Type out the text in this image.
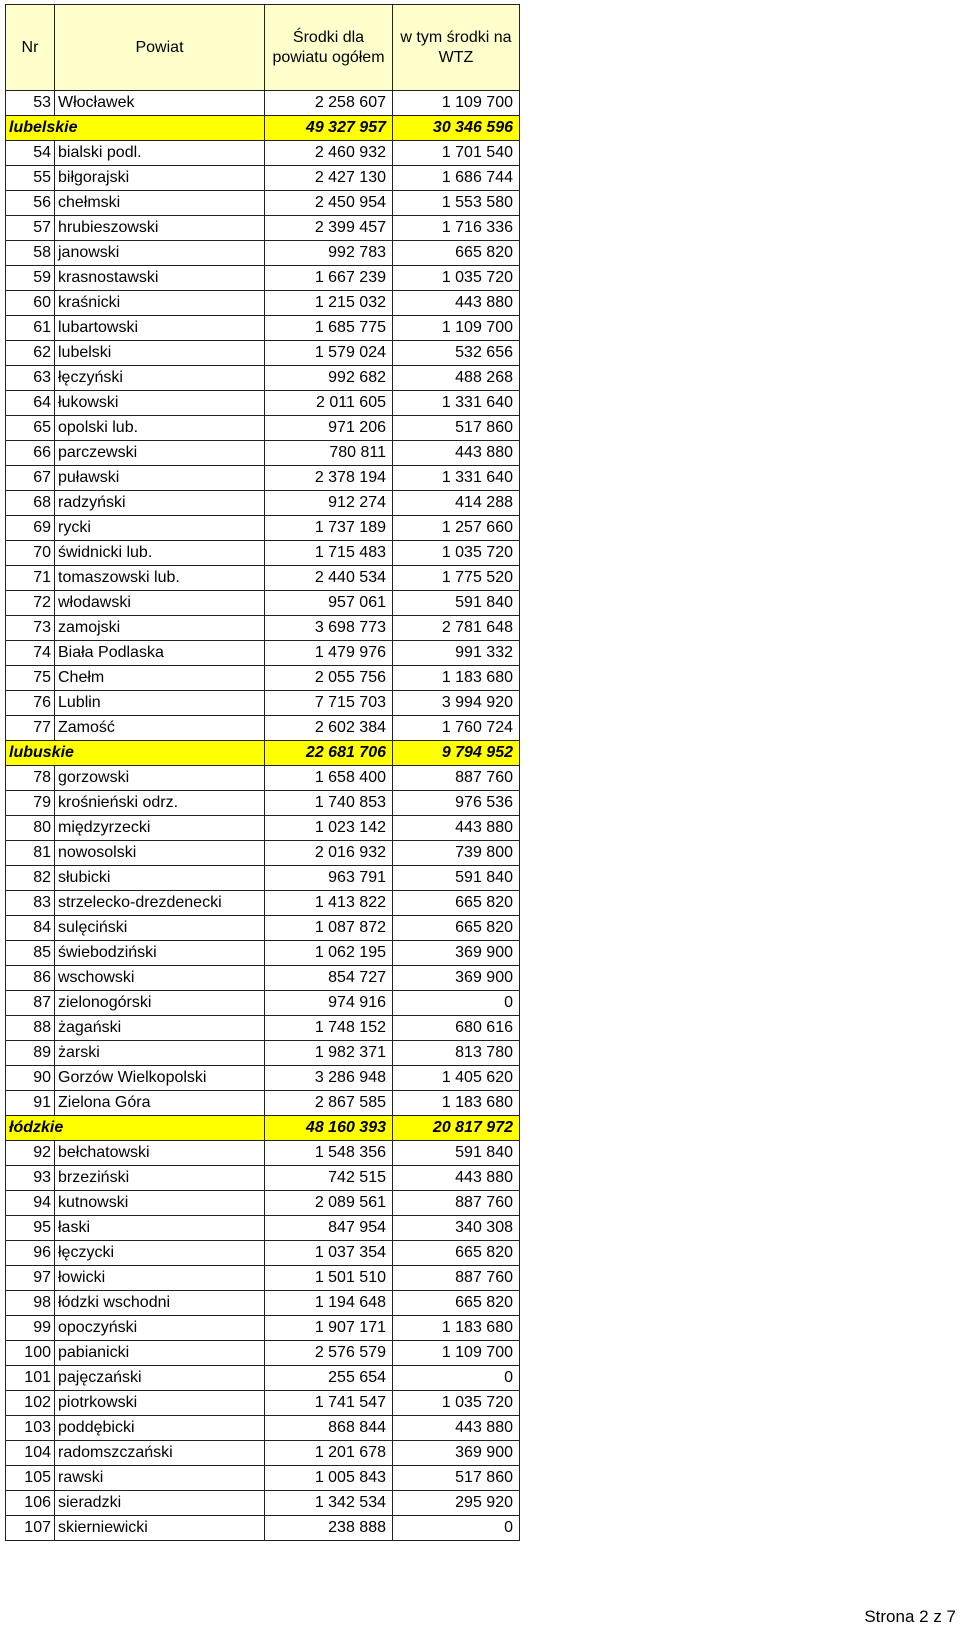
Nr	Powiat	Środki dla powiatu ogółem	w tym środki na WTZ
53	Włocławek	2 258 607	1 109 700
lubelskie		49 327 957	30 346 596
54	bialski podl.	2 460 932	1 701 540
55	biłgorajski	2 427 130	1 686 744
56	chełmski	2 450 954	1 553 580
57	hrubieszowski	2 399 457	1 716 336
58	janowski	992 783	665 820
59	krasnostawski	1 667 239	1 035 720
60	kraśnicki	1 215 032	443 880
61	lubartowski	1 685 775	1 109 700
62	lubelski	1 579 024	532 656
63	łęczyński	992 682	488 268
64	łukowski	2 011 605	1 331 640
65	opolski lub.	971 206	517 860
66	parczewski	780 811	443 880
67	puławski	2 378 194	1 331 640
68	radzyński	912 274	414 288
69	rycki	1 737 189	1 257 660
70	świdnicki lub.	1 715 483	1 035 720
71	tomaszowski lub.	2 440 534	1 775 520
72	włodawski	957 061	591 840
73	zamojski	3 698 773	2 781 648
74	Biała Podlaska	1 479 976	991 332
75	Chełm	2 055 756	1 183 680
76	Lublin	7 715 703	3 994 920
77	Zamość	2 602 384	1 760 724
lubuskie		22 681 706	9 794 952
78	gorzowski	1 658 400	887 760
79	krośnieński odrz.	1 740 853	976 536
80	międzyrzecki	1 023 142	443 880
81	nowosolski	2 016 932	739 800
82	słubicki	963 791	591 840
83	strzelecko-drezdenecki	1 413 822	665 820
84	sulęciński	1 087 872	665 820
85	świebodziński	1 062 195	369 900
86	wschowski	854 727	369 900
87	zielonogórski	974 916	0
88	żagański	1 748 152	680 616
89	żarski	1 982 371	813 780
90	Gorzów Wielkopolski	3 286 948	1 405 620
91	Zielona Góra	2 867 585	1 183 680
łódzkie		48 160 393	20 817 972
92	bełchatowski	1 548 356	591 840
93	brzeziński	742 515	443 880
94	kutnowski	2 089 561	887 760
95	łaski	847 954	340 308
96	łęczycki	1 037 354	665 820
97	łowicki	1 501 510	887 760
98	łódzki wschodni	1 194 648	665 820
99	opoczyński	1 907 171	1 183 680
100	pabianicki	2 576 579	1 109 700
101	pajęczański	255 654	0
102	piotrkowski	1 741 547	1 035 720
103	poddębicki	868 844	443 880
104	radomszczański	1 201 678	369 900
105	rawski	1 005 843	517 860
106	sieradzki	1 342 534	295 920
107	skierniewicki	238 888	0
Strona 2 z 7
